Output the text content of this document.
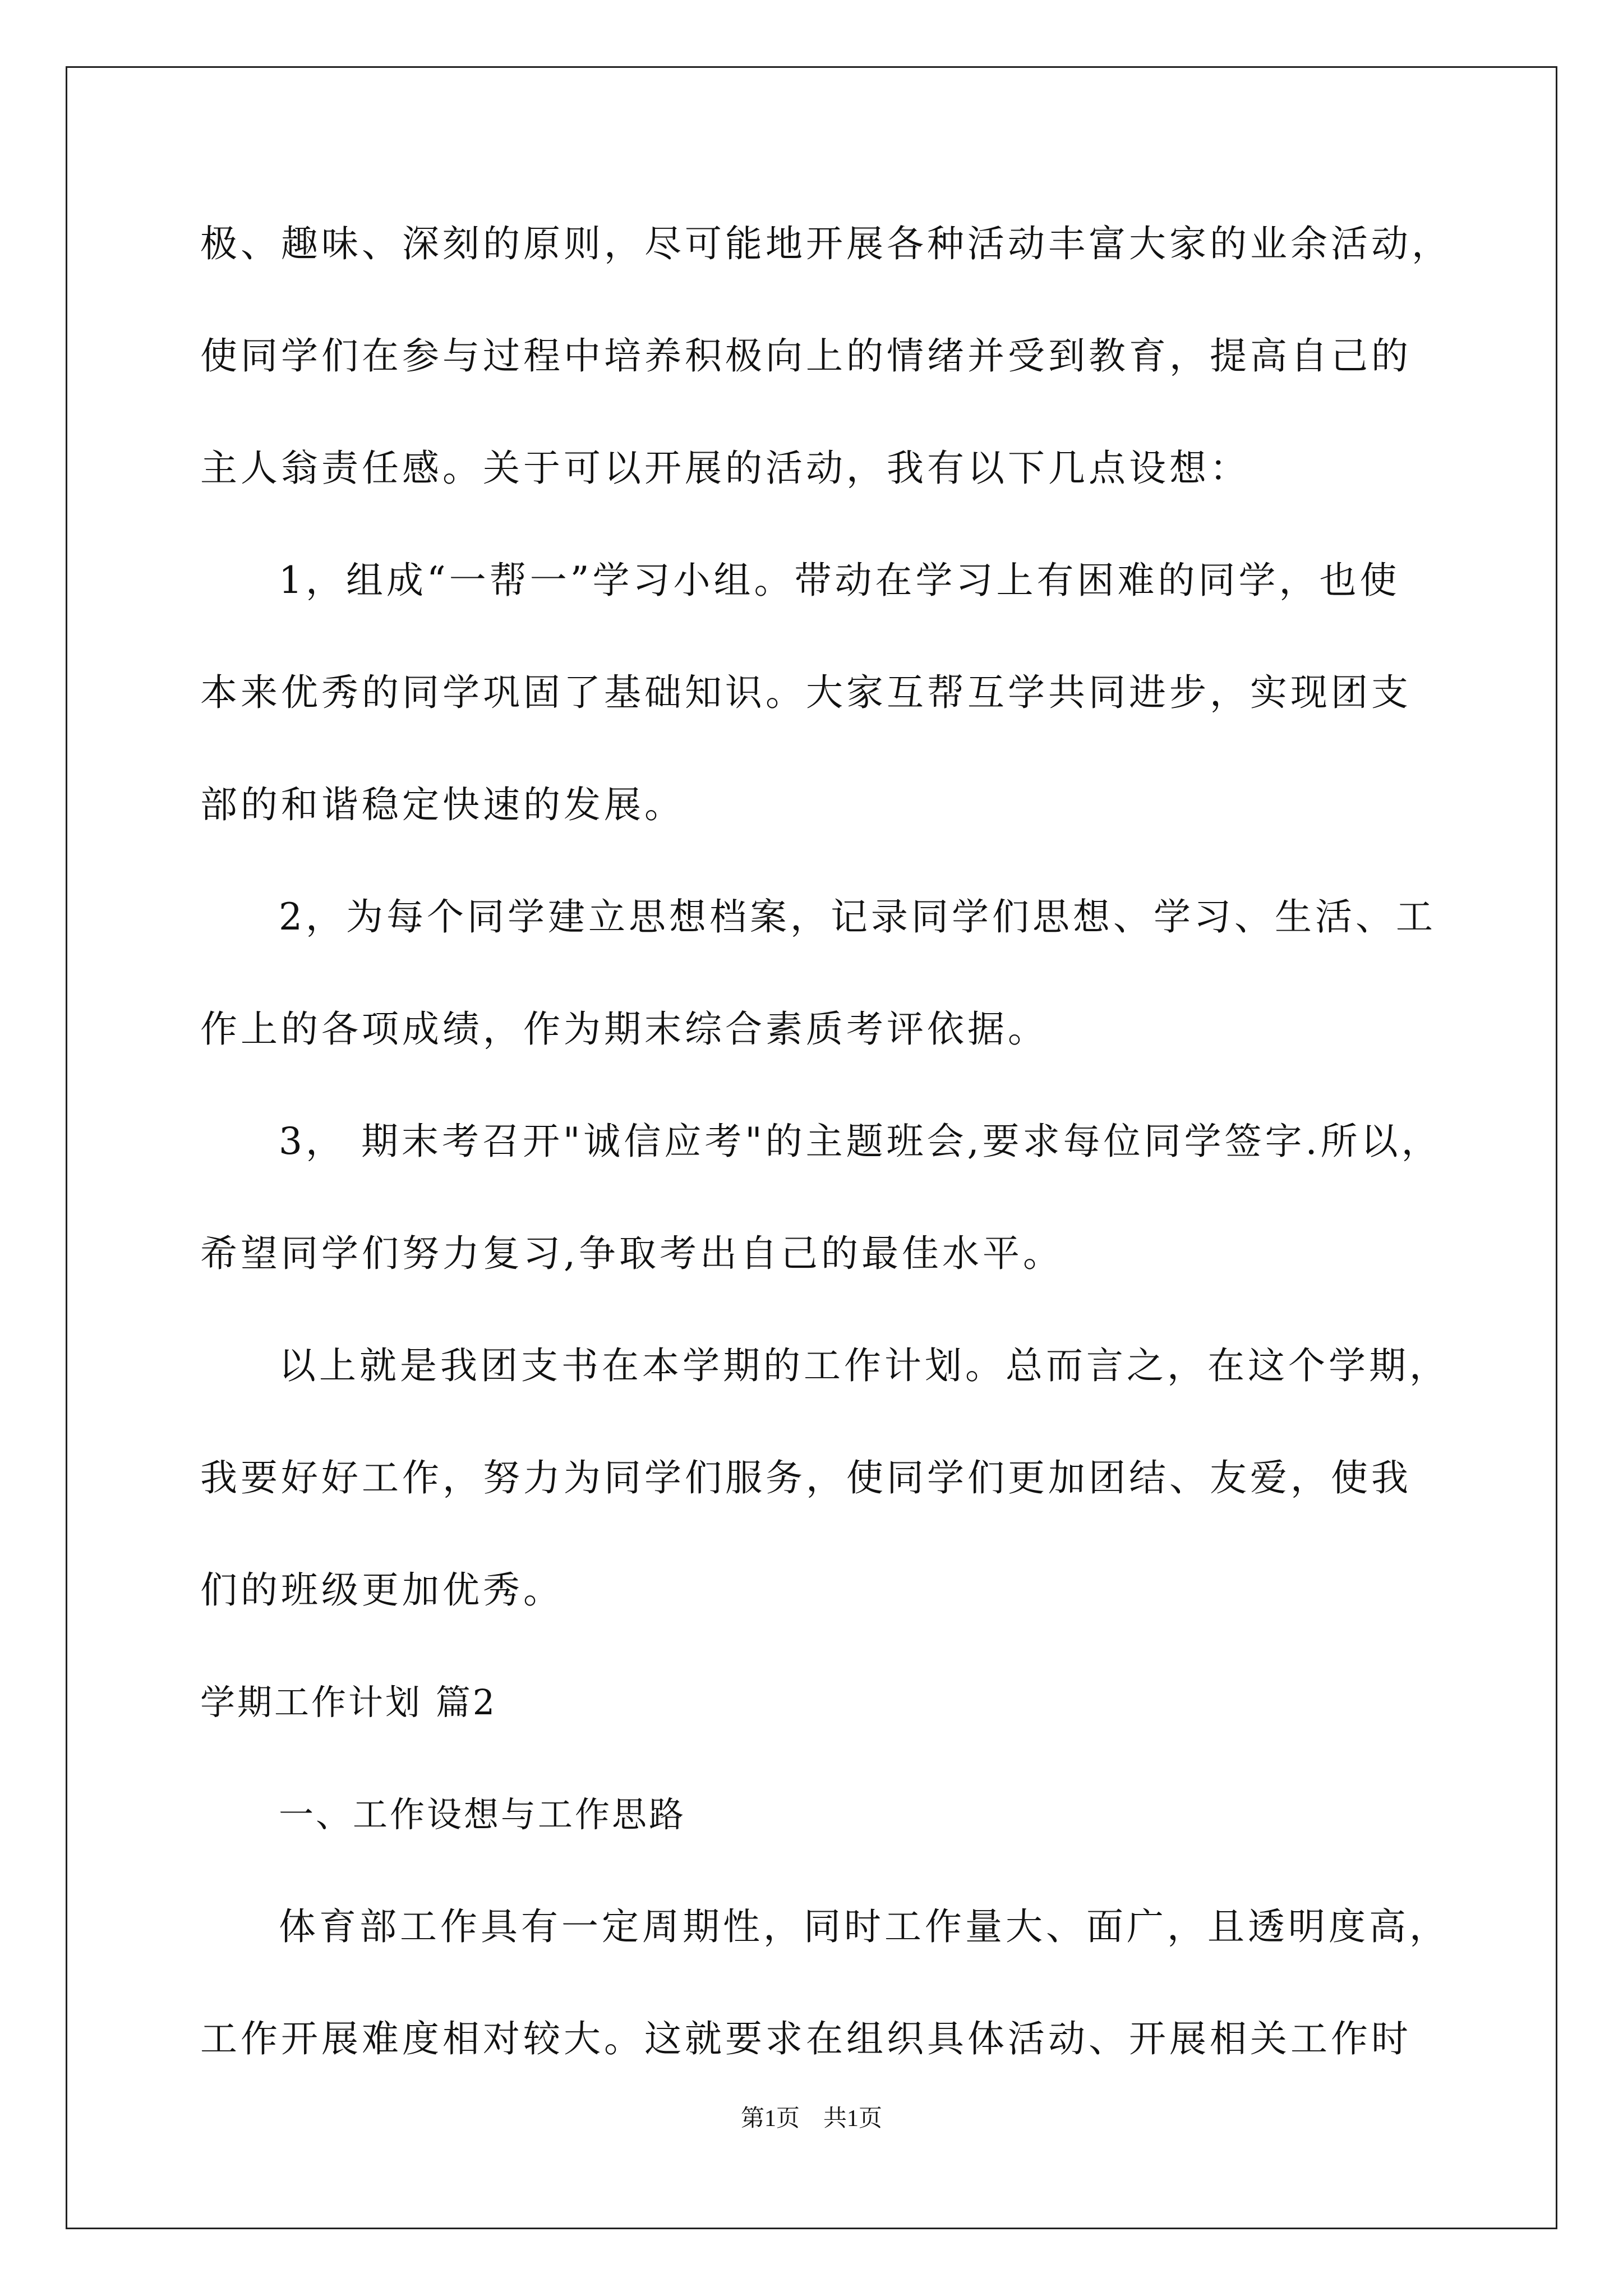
极、趣味、深刻的原则，尽可能地开展各种活动丰富大家的业余活动，
使同学们在参与过程中培养积极向上的情绪并受到教育，提高自己的
主人翁责任感。关于可以开展的活动，我有以下几点设想：
1，组成“一帮一”学习小组。带动在学习上有困难的同学，也使
本来优秀的同学巩固了基础知识。大家互帮互学共同进步，实现团支
部的和谐稳定快速的发展。
2，为每个同学建立思想档案，记录同学们思想、学习、生活、工
作上的各项成绩，作为期末综合素质考评依据。
3， 期末考召开"诚信应考"的主题班会,要求每位同学签字.所以，
希望同学们努力复习,争取考出自己的最佳水平。
以上就是我团支书在本学期的工作计划。总而言之，在这个学期，
我要好好工作，努力为同学们服务，使同学们更加团结、友爱，使我
们的班级更加优秀。
学期工作计划 篇2
一、工作设想与工作思路
体育部工作具有一定周期性，同时工作量大、面广，且透明度高，
工作开展难度相对较大。这就要求在组织具体活动、开展相关工作时
第1页　共1页
